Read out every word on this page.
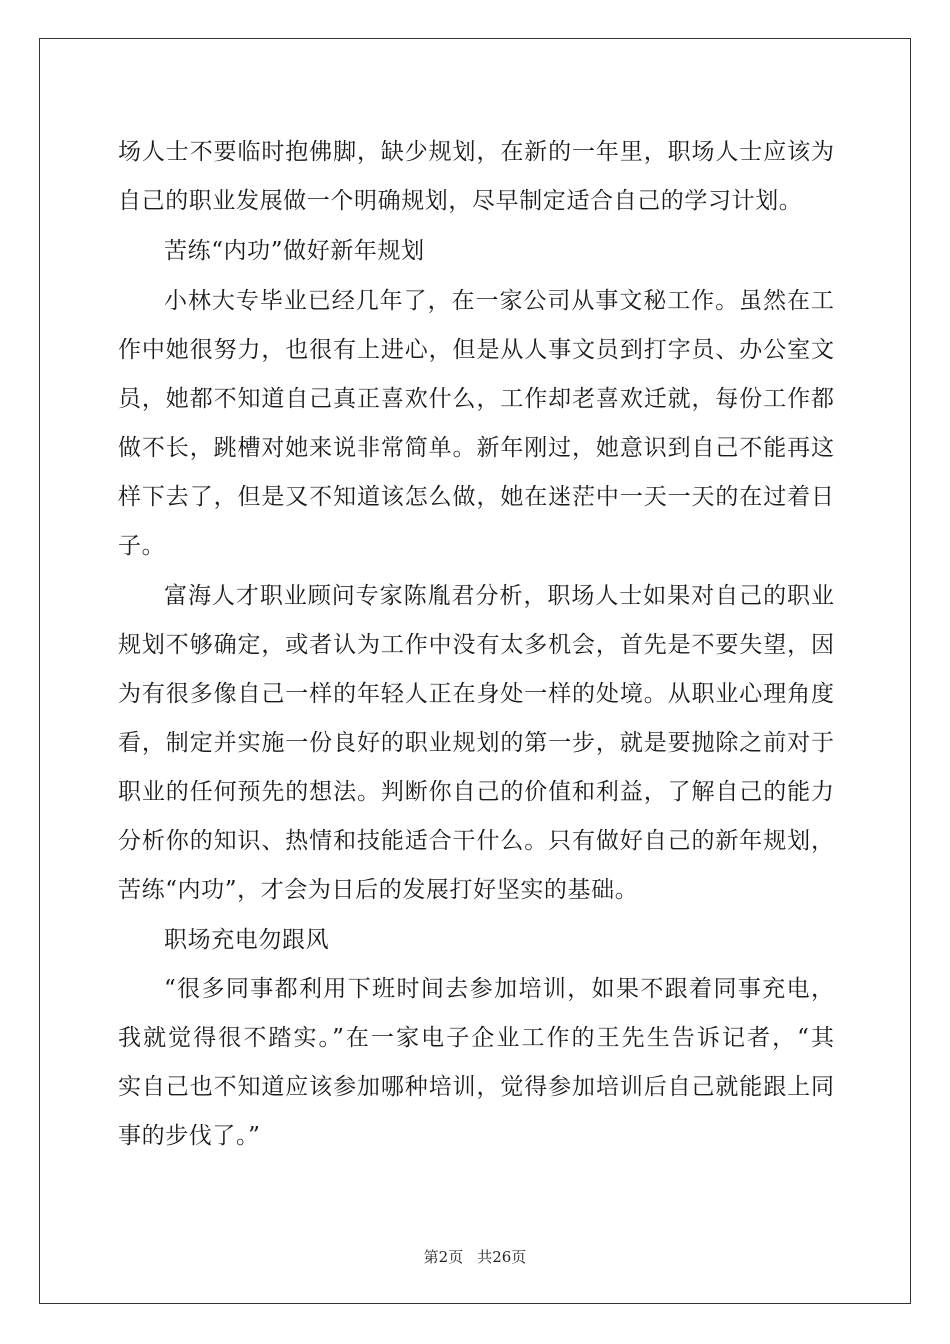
场人士不要临时抱佛脚，缺少规划，在新的一年里，职场人士应该为
自己的职业发展做一个明确规划，尽早制定适合自己的学习计划。
苦练“内功”做好新年规划
小林大专毕业已经几年了，在一家公司从事文秘工作。虽然在工
作中她很努力，也很有上进心，但是从人事文员到打字员、办公室文
员，她都不知道自己真正喜欢什么，工作却老喜欢迁就，每份工作都
做不长，跳槽对她来说非常简单。新年刚过，她意识到自己不能再这
样下去了，但是又不知道该怎么做，她在迷茫中一天一天的在过着日
子。
富海人才职业顾问专家陈胤君分析，职场人士如果对自己的职业
规划不够确定，或者认为工作中没有太多机会，首先是不要失望，因
为有很多像自己一样的年轻人正在身处一样的处境。从职业心理角度
看，制定并实施一份良好的职业规划的第一步，就是要抛除之前对于
职业的任何预先的想法。判断你自己的价值和利益，了解自己的能力
分析你的知识、热情和技能适合干什么。只有做好自己的新年规划，
苦练“内功”，才会为日后的发展打好坚实的基础。
职场充电勿跟风
“很多同事都利用下班时间去参加培训，如果不跟着同事充电，
我就觉得很不踏实。”在一家电子企业工作的王先生告诉记者，“其
实自己也不知道应该参加哪种培训，觉得参加培训后自己就能跟上同
事的步伐了。”
第2页 共26页
